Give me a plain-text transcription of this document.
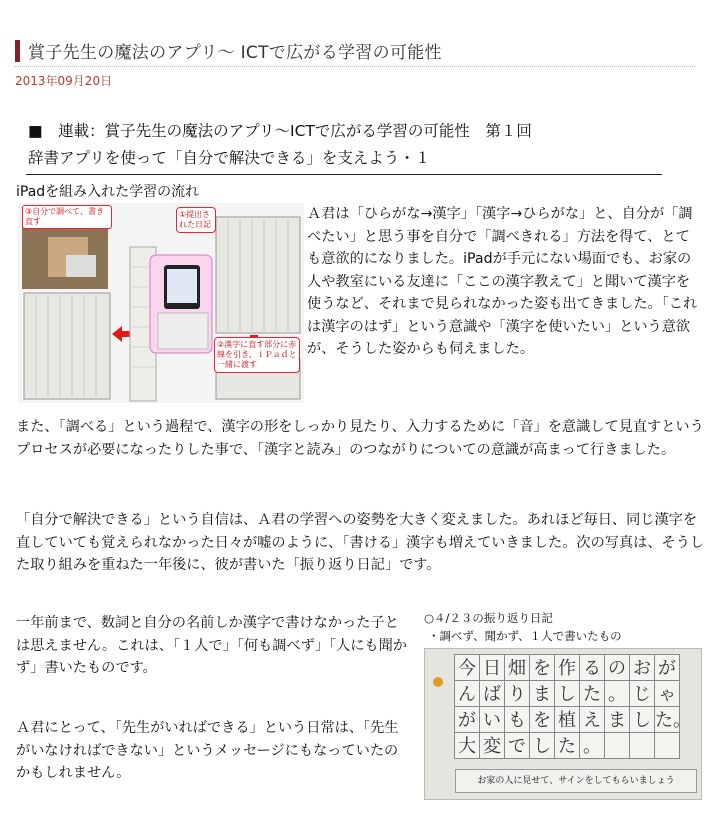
賞子先生の魔法のアプリ〜 ICTで広がる学習の可能性
2013年09月20日
■　連載：賞子先生の魔法のアプリ〜ICTで広がる学習の可能性　第１回
辞書アプリを使って「自分で解決できる」を支えよう・１
iPadを組み入れた学習の流れ
③自分で調べて、書き直す
①提出された日記
②漢字に直す部分に赤線を引き、ｉＰａｄと一緒に渡す
Ａ君は「ひらがな→漢字」「漢字→ひらがな」と、自分が「調べたい」と思う事を自分で「調べきれる」方法を得て、とても意欲的になりました。iPadが手元にない場面でも、お家の人や教室にいる友達に「ここの漢字教えて」と聞いて漢字を使うなど、それまで見られなかった姿も出てきました。「これは漢字のはず」という意識や「漢字を使いたい」という意欲が、そうした姿からも伺えました。
また、「調べる」という過程で、漢字の形をしっかり見たり、入力するために「音」を意識して見直すというプロセスが必要になったりした事で、「漢字と読み」のつながりについての意識が高まって行きました。
「自分で解決できる」という自信は、Ａ君の学習への姿勢を大きく変えました。あれほど毎日、同じ漢字を直していても覚えられなかった日々が嘘のように、「書ける」漢字も増えていきました。次の写真は、そうした取り組みを重ねた一年後に、彼が書いた「振り返り日記」です。
一年前まで、数詞と自分の名前しか漢字で書けなかった子とは思えません。これは、「１人で」「何も調べず」「人にも聞かず」書いたものです。
Ａ君にとって、「先生がいればできる」という日常は、「先生がいなければできない」というメッセージにもなっていたのかもしれません。
○４/２３の振り返り日記
・調べず、聞かず、１人で書いたもの
今 日 畑 を 作 る の お が
ん ば り ま し た 。 じ ゃ
が い も を 植 え ま し た。
大 変 で し た 。
お家の人に見せて、サインをしてもらいましょう
